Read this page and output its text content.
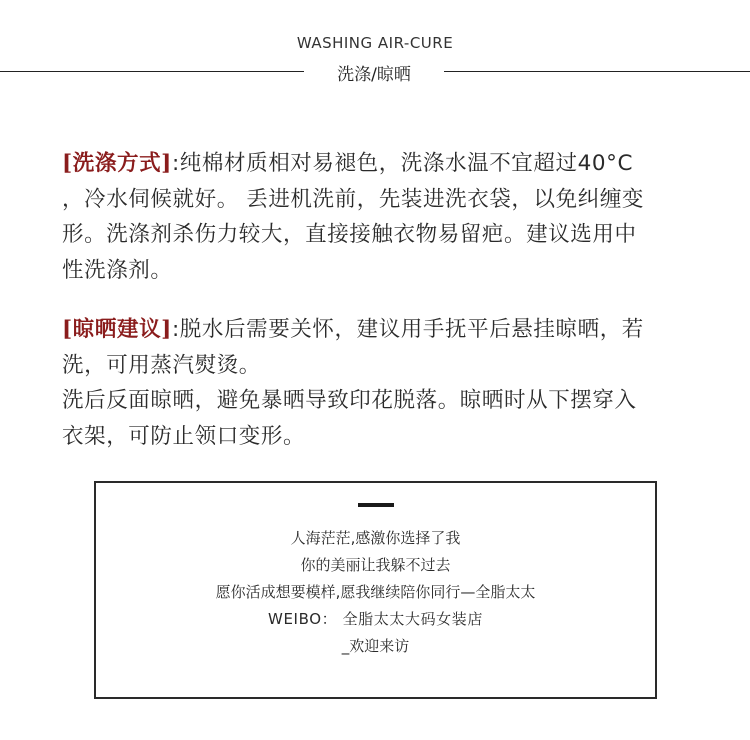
WASHING AIR-CURE
洗涤/晾晒
[洗涤方式]:纯棉材质相对易褪色，洗涤水温不宜超过40°C
，冷水伺候就好。 丢进机洗前，先装进洗衣袋，以免纠缠变
形。洗涤剂杀伤力较大，直接接触衣物易留疤。建议选用中
性洗涤剂。
[晾晒建议]:脱水后需要关怀，建议用手抚平后悬挂晾晒，若
洗，可用蒸汽熨烫。
洗后反面晾晒，避免暴晒导致印花脱落。晾晒时从下摆穿入
衣架，可防止领口变形。
人海茫茫,感激你选择了我
你的美丽让我躲不过去
愿你活成想要模样,愿我继续陪你同行—全脂太太
WEIBO： 全脂太太大码女装店
_欢迎来访
